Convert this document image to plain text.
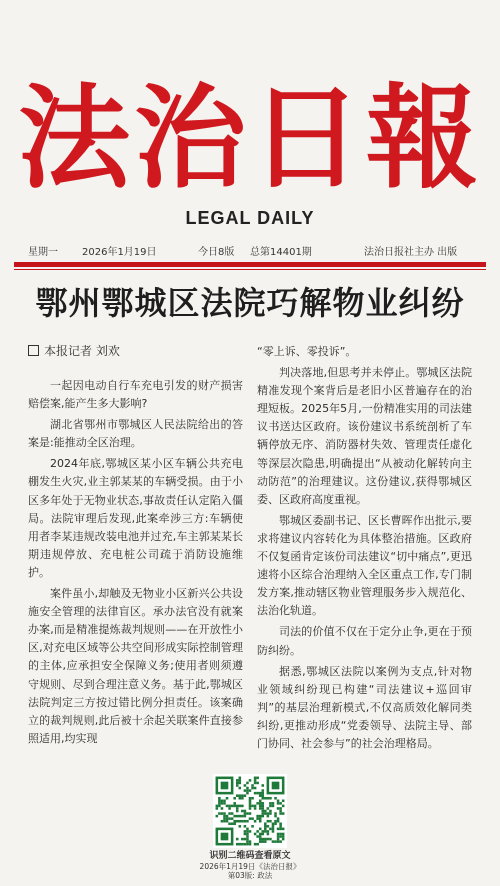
法治日報
LEGAL DAILY
星期一 2026年1月19日	今日8版 总第14401期	法治日报社主办 出版
鄂州鄂城区法院巧解物业纠纷
本报记者 刘欢

一起因电动自行车充电引发的财产损害赔偿案,能产生多大影响?

湖北省鄂州市鄂城区人民法院给出的答案是:能推动全区治理。

2024年底,鄂城区某小区车辆公共充电棚发生火灾,业主郭某某的车辆受损。由于小区多年处于无物业状态,事故责任认定陷入僵局。法院审理后发现,此案牵涉三方:车辆使用者李某违规改装电池并过充,车主郭某某长期违规停放、充电桩公司疏于消防设施维护。

案件虽小,却触及无物业小区新兴公共设施安全管理的法律盲区。承办法官没有就案办案,而是精准提炼裁判规则——在开放性小区,对充电区域等公共空间形成实际控制管理的主体,应承担安全保障义务;使用者则须遵守规则、尽到合理注意义务。基于此,鄂城区法院判定三方按过错比例分担责任。该案确立的裁判规则,此后被十余起关联案件直接参照适用,均实现

“零上诉、零投诉”。

判决落地,但思考并未停止。鄂城区法院精准发现个案背后是老旧小区普遍存在的治理短板。2025年5月,一份精准实用的司法建议书送达区政府。该份建议书系统剖析了车辆停放无序、消防器材失效、管理责任虚化等深层次隐患,明确提出“从被动化解转向主动防范”的治理建议。这份建议,获得鄂城区委、区政府高度重视。

鄂城区委副书记、区长曹晖作出批示,要求将建议内容转化为具体整治措施。区政府不仅复函肯定该份司法建议“切中痛点”,更迅速将小区综合治理纳入全区重点工作,专门制发方案,推动辖区物业管理服务步入规范化、法治化轨道。

司法的价值不仅在于定分止争,更在于预防纠纷。

据悉,鄂城区法院以案例为支点,针对物业领域纠纷现已构建“司法建议+巡回审判”的基层治理新模式,不仅高质效化解同类纠纷,更推动形成“党委领导、法院主导、部门协同、社会参与”的社会治理格局。

识别二维码查看原文
2026年1月19日《法治日报》
第03版: 政法
